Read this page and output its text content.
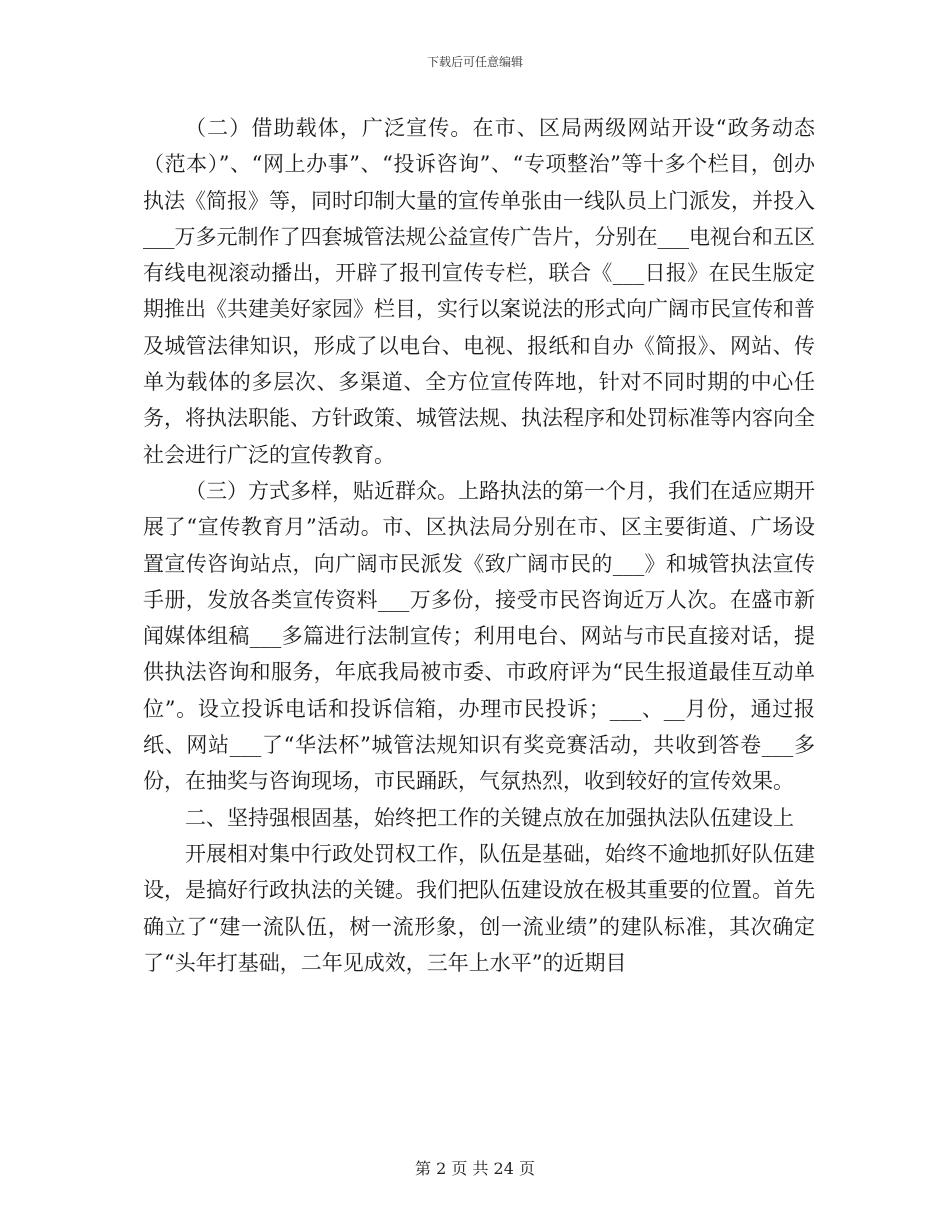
下载后可任意编辑

（二）借助载体，广泛宣传。在市、区局两级网站开设“政务动态（范本）”、“网上办事”、“投诉咨询”、“专项整治”等十多个栏目，创办执法《简报》等，同时印制大量的宣传单张由一线队员上门派发，并投入___万多元制作了四套城管法规公益宣传广告片，分别在___电视台和五区有线电视滚动播出，开辟了报刊宣传专栏，联合《___日报》在民生版定期推出《共建美好家园》栏目，实行以案说法的形式向广阔市民宣传和普及城管法律知识，形成了以电台、电视、报纸和自办《简报》、网站、传单为载体的多层次、多渠道、全方位宣传阵地，针对不同时期的中心任务，将执法职能、方针政策、城管法规、执法程序和处罚标准等内容向全社会进行广泛的宣传教育。

（三）方式多样，贴近群众。上路执法的第一个月，我们在适应期开展了“宣传教育月”活动。市、区执法局分别在市、区主要街道、广场设置宣传咨询站点，向广阔市民派发《致广阔市民的___》和城管执法宣传手册，发放各类宣传资料___万多份，接受市民咨询近万人次。在盛市新闻媒体组稿___多篇进行法制宣传；利用电台、网站与市民直接对话，提供执法咨询和服务，年底我局被市委、市政府评为“民生报道最佳互动单位”。设立投诉电话和投诉信箱，办理市民投诉；___、__月份，通过报纸、网站___了“华法杯”城管法规知识有奖竞赛活动，共收到答卷___多份，在抽奖与咨询现场，市民踊跃，气氛热烈，收到较好的宣传效果。

二、坚持强根固基，始终把工作的关键点放在加强执法队伍建设上

开展相对集中行政处罚权工作，队伍是基础，始终不逾地抓好队伍建设，是搞好行政执法的关键。我们把队伍建设放在极其重要的位置。首先确立了“建一流队伍，树一流形象，创一流业绩”的建队标准，其次确定了“头年打基础，二年见成效，三年上水平”的近期目

第 2 页 共 24 页
